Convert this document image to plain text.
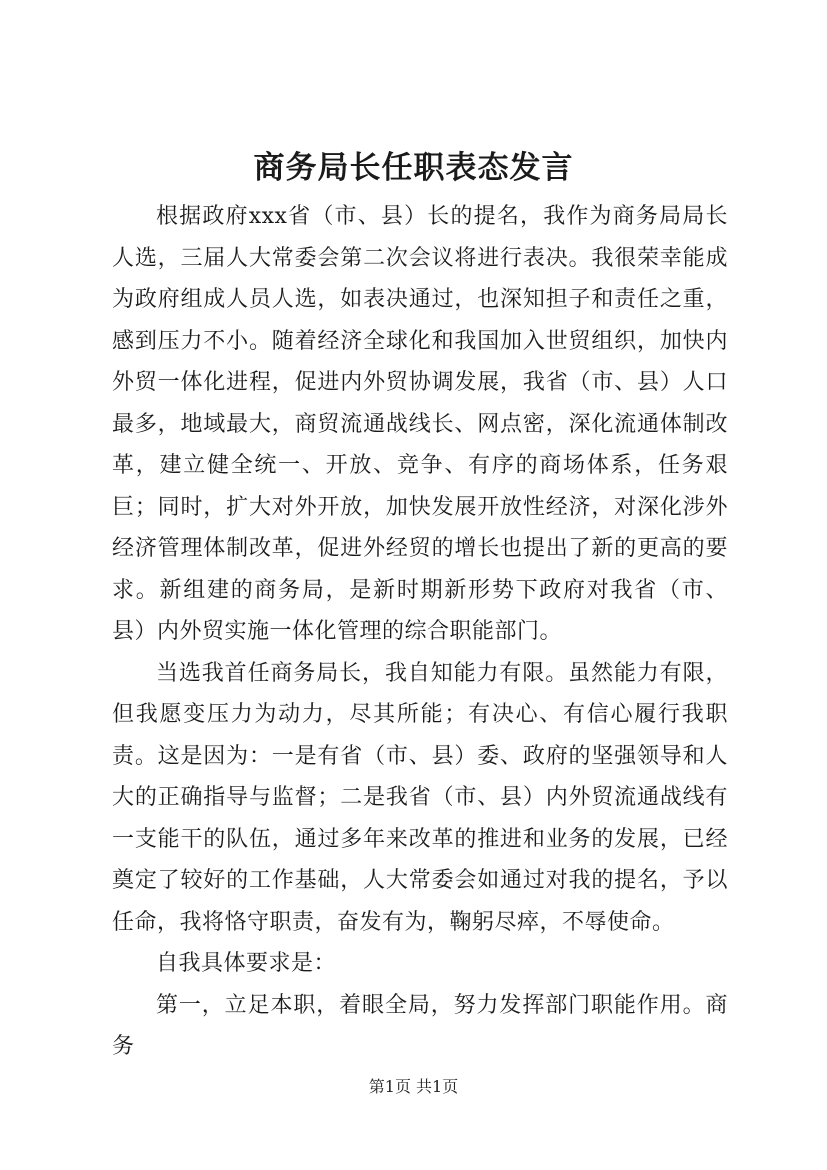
商务局长任职表态发言

根据政府xxx省（市、县）长的提名，我作为商务局局长人选，三届人大常委会第二次会议将进行表决。我很荣幸能成为政府组成人员人选，如表决通过，也深知担子和责任之重，感到压力不小。随着经济全球化和我国加入世贸组织，加快内外贸一体化进程，促进内外贸协调发展，我省（市、县）人口最多，地域最大，商贸流通战线长、网点密，深化流通体制改革，建立健全统一、开放、竞争、有序的商场体系，任务艰巨；同时，扩大对外开放，加快发展开放性经济，对深化涉外经济管理体制改革，促进外经贸的增长也提出了新的更高的要求。新组建的商务局，是新时期新形势下政府对我省（市、县）内外贸实施一体化管理的综合职能部门。

当选我首任商务局长，我自知能力有限。虽然能力有限，但我愿变压力为动力，尽其所能；有决心、有信心履行我职责。这是因为：一是有省（市、县）委、政府的坚强领导和人大的正确指导与监督；二是我省（市、县）内外贸流通战线有一支能干的队伍，通过多年来改革的推进和业务的发展，已经奠定了较好的工作基础，人大常委会如通过对我的提名，予以任命，我将恪守职责，奋发有为，鞠躬尽瘁，不辱使命。

自我具体要求是：

第一，立足本职，着眼全局，努力发挥部门职能作用。商务

第1页 共1页
